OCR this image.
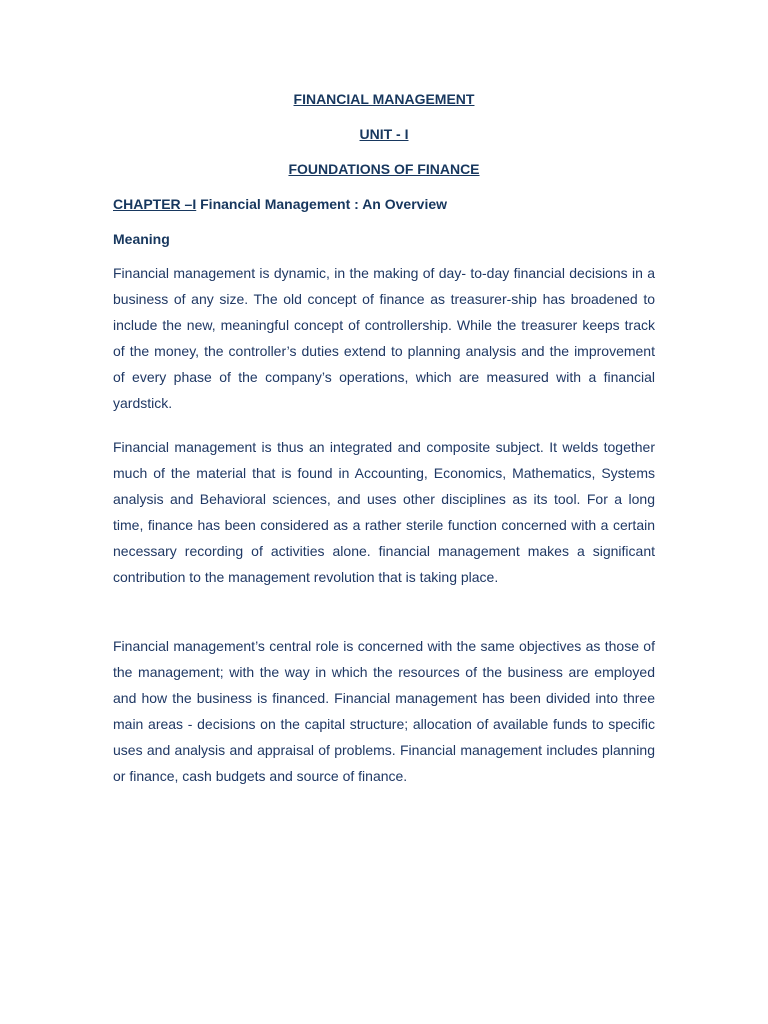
FINANCIAL MANAGEMENT
UNIT - I
FOUNDATIONS OF FINANCE
CHAPTER –I Financial Management : An Overview
Meaning

Financial management is dynamic, in the making of day- to-day financial decisions in a business of any size. The old concept of finance as treasurer-ship has broadened to include the new, meaningful concept of controllership. While the treasurer keeps track of the money, the controller’s duties extend to planning analysis and the improvement of every phase of the company’s operations, which are measured with a financial yardstick.

Financial management is thus an integrated and composite subject. It welds together much of the material that is found in Accounting, Economics, Mathematics, Systems analysis and Behavioral sciences, and uses other disciplines as its tool. For a long time, finance has been considered as a rather sterile function concerned with a certain necessary recording of activities alone. financial management makes a significant contribution to the management revolution that is taking place.

Financial management’s central role is concerned with the same objectives as those of the management; with the way in which the resources of the business are employed and how the business is financed. Financial management has been divided into three main areas - decisions on the capital structure; allocation of available funds to specific uses and analysis and appraisal of problems. Financial management includes planning or finance, cash budgets and source of finance.
